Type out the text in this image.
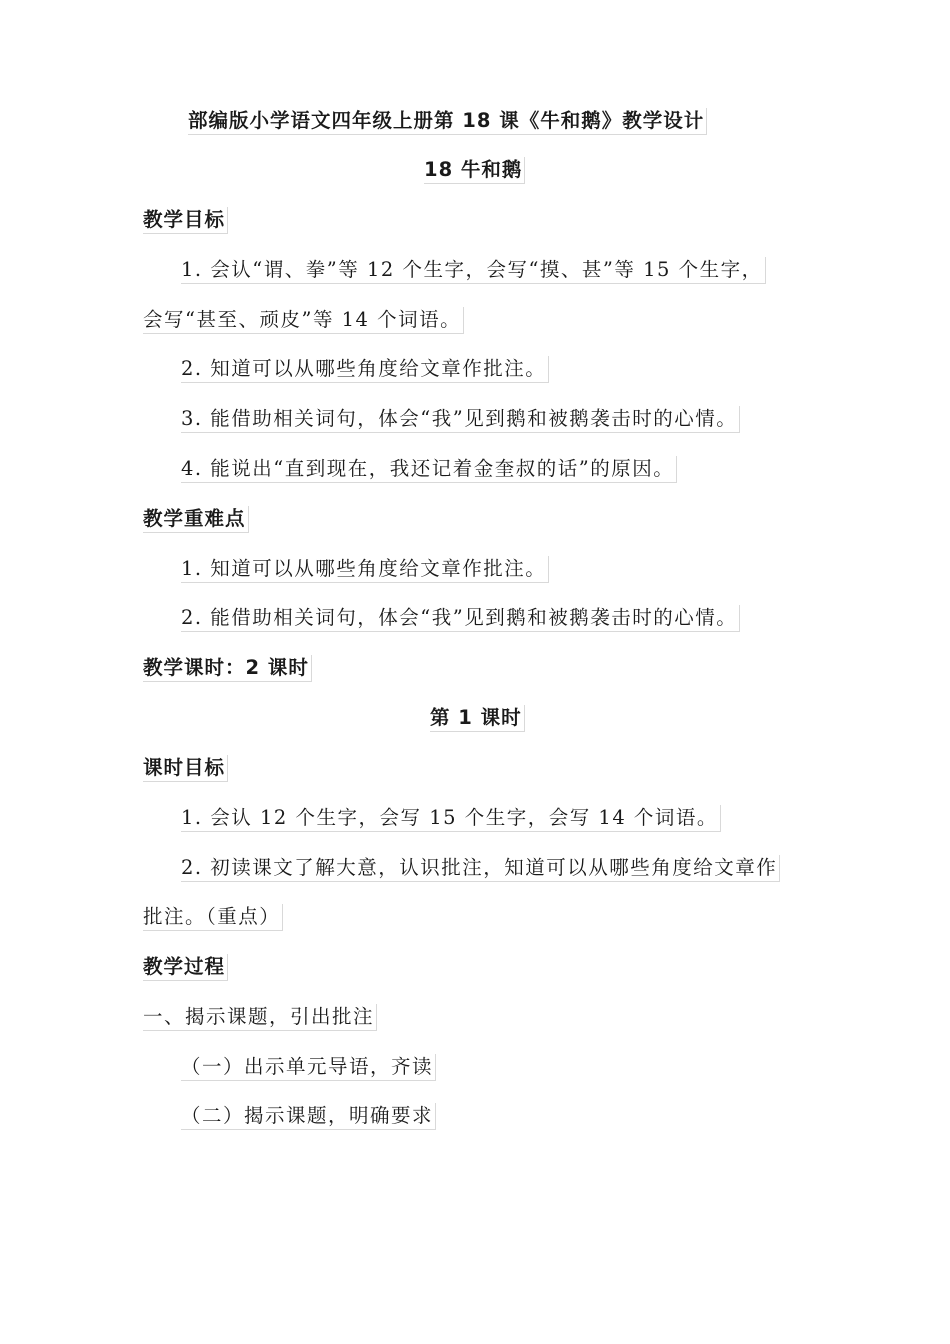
部编版小学语文四年级上册第 18 课《牛和鹅》教学设计
18 牛和鹅
教学目标
1. 会认“谓、拳”等 12 个生字，会写“摸、甚”等 15 个生字，
会写“甚至、顽皮”等 14 个词语。
2. 知道可以从哪些角度给文章作批注。
3. 能借助相关词句，体会“我”见到鹅和被鹅袭击时的心情。
4. 能说出“直到现在，我还记着金奎叔的话”的原因。
教学重难点
1. 知道可以从哪些角度给文章作批注。
2. 能借助相关词句，体会“我”见到鹅和被鹅袭击时的心情。
教学课时：2 课时
第 1 课时
课时目标
1. 会认 12 个生字，会写 15 个生字，会写 14 个词语。
2. 初读课文了解大意，认识批注，知道可以从哪些角度给文章作
批注。（重点）
教学过程
一、揭示课题，引出批注
（一）出示单元导语，齐读
（二）揭示课题，明确要求
